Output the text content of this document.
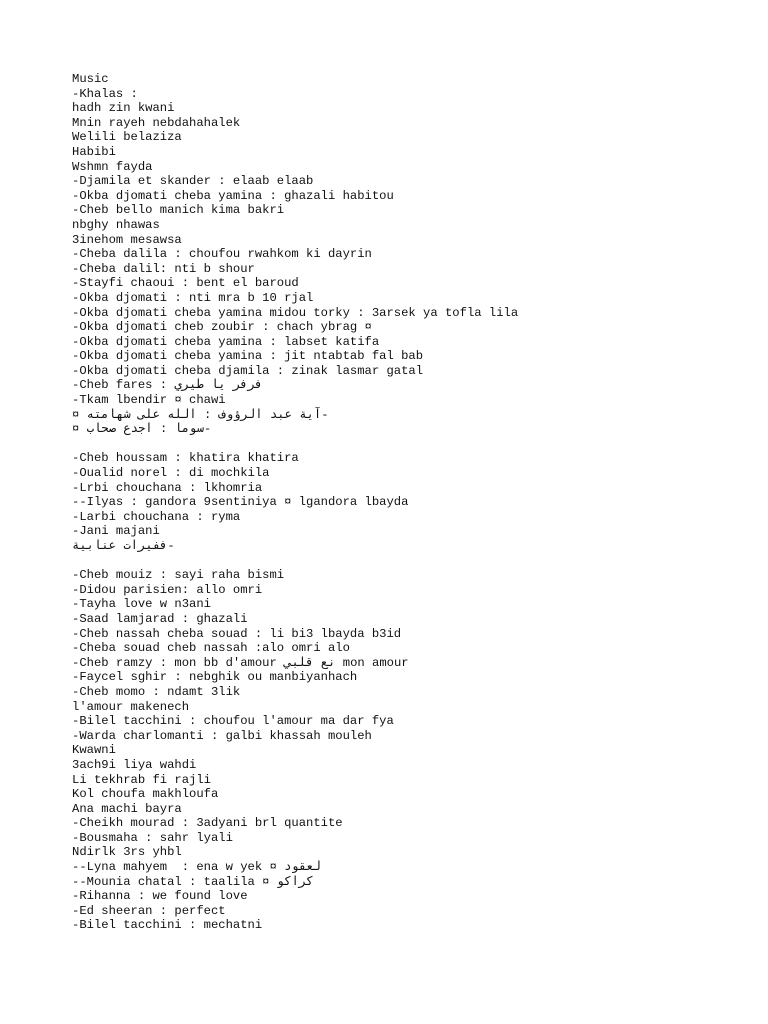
Music
-Khalas :
hadh zin kwani
Mnin rayeh nebdahahalek
Welili belaziza
Habibi
Wshmn fayda
-Djamila et skander : elaab elaab
-Okba djomati cheba yamina : ghazali habitou
-Cheb bello manich kima bakri
nbghy nhawas
3inehom mesawsa
-Cheba dalila : choufou rwahkom ki dayrin
-Cheba dalil: nti b shour
-Stayfi chaoui : bent el baroud
-Okba djomati : nti mra b 10 rjal
-Okba djomati cheba yamina midou torky : 3arsek ya tofla lila
-Okba djomati cheb zoubir : chach ybrag ¤
-Okba djomati cheba yamina : labset katifa
-Okba djomati cheba yamina : jit ntabtab fal bab
-Okba djomati cheba djamila : zinak lasmar gatal
-Cheb fares : فرفر يا طيري
-Tkam lbendir ¤ chawi
-آية عبد الرؤوف : الله على شهامته ¤
-سوما : اجدع صحاب ¤
-Cheb houssam : khatira khatira
-Oualid norel : di mochkila
-Lrbi chouchana : lkhomria
--Ilyas : gandora 9sentiniya ¤ lgandora lbayda
-Larbi chouchana : ryma
-Jani majani
-ففيرات عنابية
-Cheb mouiz : sayi raha bismi
-Didou parisien: allo omri
-Tayha love w n3ani
-Saad lamjarad : ghazali
-Cheb nassah cheba souad : li bi3 lbayda b3id
-Cheba souad cheb nassah :alo omri alo
-Cheb ramzy : mon bb d'amour نع قلبي mon amour
-Faycel sghir : nebghik ou manbiyanhach
-Cheb momo : ndamt 3lik
l'amour makenech
-Bilel tacchini : choufou l'amour ma dar fya
-Warda charlomanti : galbi khassah mouleh
Kwawni
3ach9i liya wahdi
Li tekhrab fi rajli
Kol choufa makhloufa
Ana machi bayra
-Cheikh mourad : 3adyani brl quantite
-Bousmaha : sahr lyali
Ndirlk 3rs yhbl
--Lyna mahyem  : ena w yek ¤ لعقود
--Mounia chatal : taalila ¤ كراكو
-Rihanna : we found love
-Ed sheeran : perfect
-Bilel tacchini : mechatni
